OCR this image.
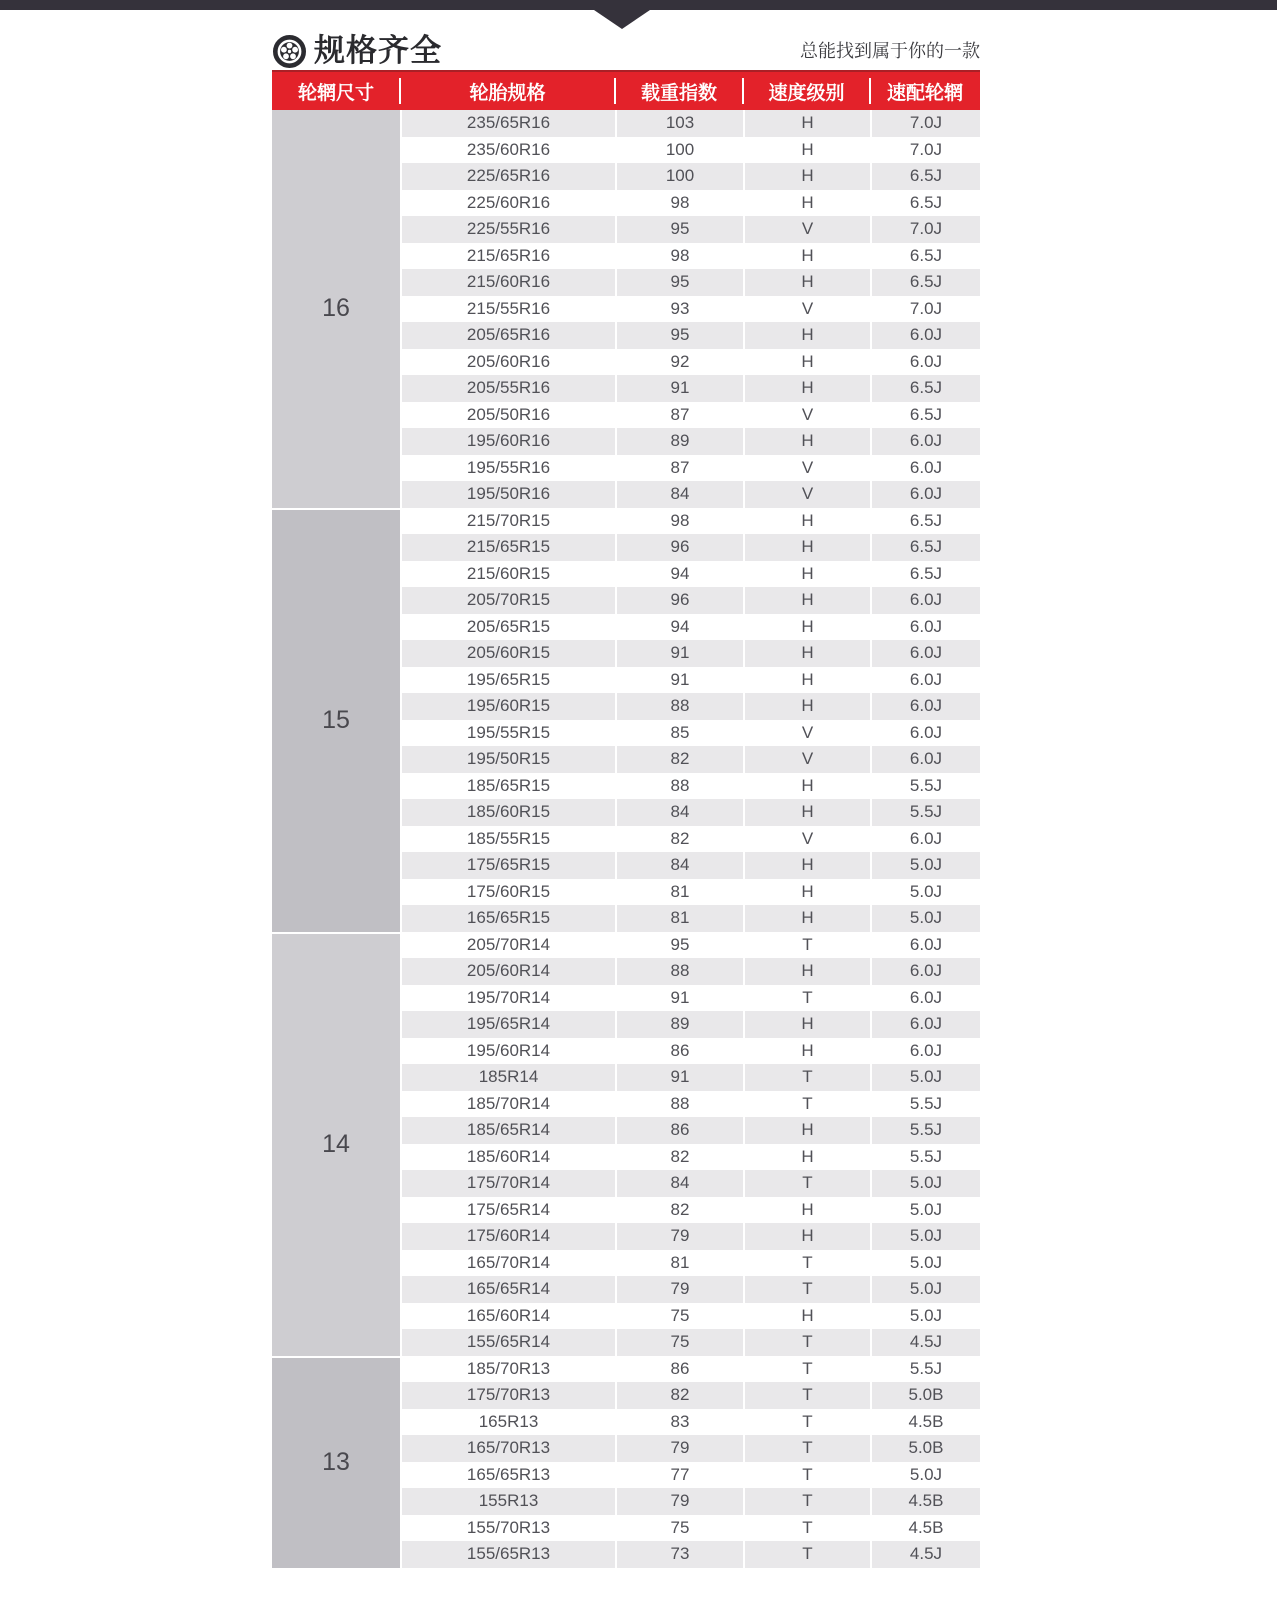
规格齐全	总能找到属于你的一款
轮辋尺寸	轮胎规格	载重指数	速度级别	速配轮辋
16	235/65R16	103	H	7.0J
	235/60R16	100	H	7.0J
	225/65R16	100	H	6.5J
	225/60R16	98	H	6.5J
	225/55R16	95	V	7.0J
	215/65R16	98	H	6.5J
	215/60R16	95	H	6.5J
	215/55R16	93	V	7.0J
	205/65R16	95	H	6.0J
	205/60R16	92	H	6.0J
	205/55R16	91	H	6.5J
	205/50R16	87	V	6.5J
	195/60R16	89	H	6.0J
	195/55R16	87	V	6.0J
	195/50R16	84	V	6.0J
15	215/70R15	98	H	6.5J
	215/65R15	96	H	6.5J
	215/60R15	94	H	6.5J
	205/70R15	96	H	6.0J
	205/65R15	94	H	6.0J
	205/60R15	91	H	6.0J
	195/65R15	91	H	6.0J
	195/60R15	88	H	6.0J
	195/55R15	85	V	6.0J
	195/50R15	82	V	6.0J
	185/65R15	88	H	5.5J
	185/60R15	84	H	5.5J
	185/55R15	82	V	6.0J
	175/65R15	84	H	5.0J
	175/60R15	81	H	5.0J
	165/65R15	81	H	5.0J
14	205/70R14	95	T	6.0J
	205/60R14	88	H	6.0J
	195/70R14	91	T	6.0J
	195/65R14	89	H	6.0J
	195/60R14	86	H	6.0J
	185R14	91	T	5.0J
	185/70R14	88	T	5.5J
	185/65R14	86	H	5.5J
	185/60R14	82	H	5.5J
	175/70R14	84	T	5.0J
	175/65R14	82	H	5.0J
	175/60R14	79	H	5.0J
	165/70R14	81	T	5.0J
	165/65R14	79	T	5.0J
	165/60R14	75	H	5.0J
	155/65R14	75	T	4.5J
13	185/70R13	86	T	5.5J
	175/70R13	82	T	5.0B
	165R13	83	T	4.5B
	165/70R13	79	T	5.0B
	165/65R13	77	T	5.0J
	155R13	79	T	4.5B
	155/70R13	75	T	4.5B
	155/65R13	73	T	4.5J
